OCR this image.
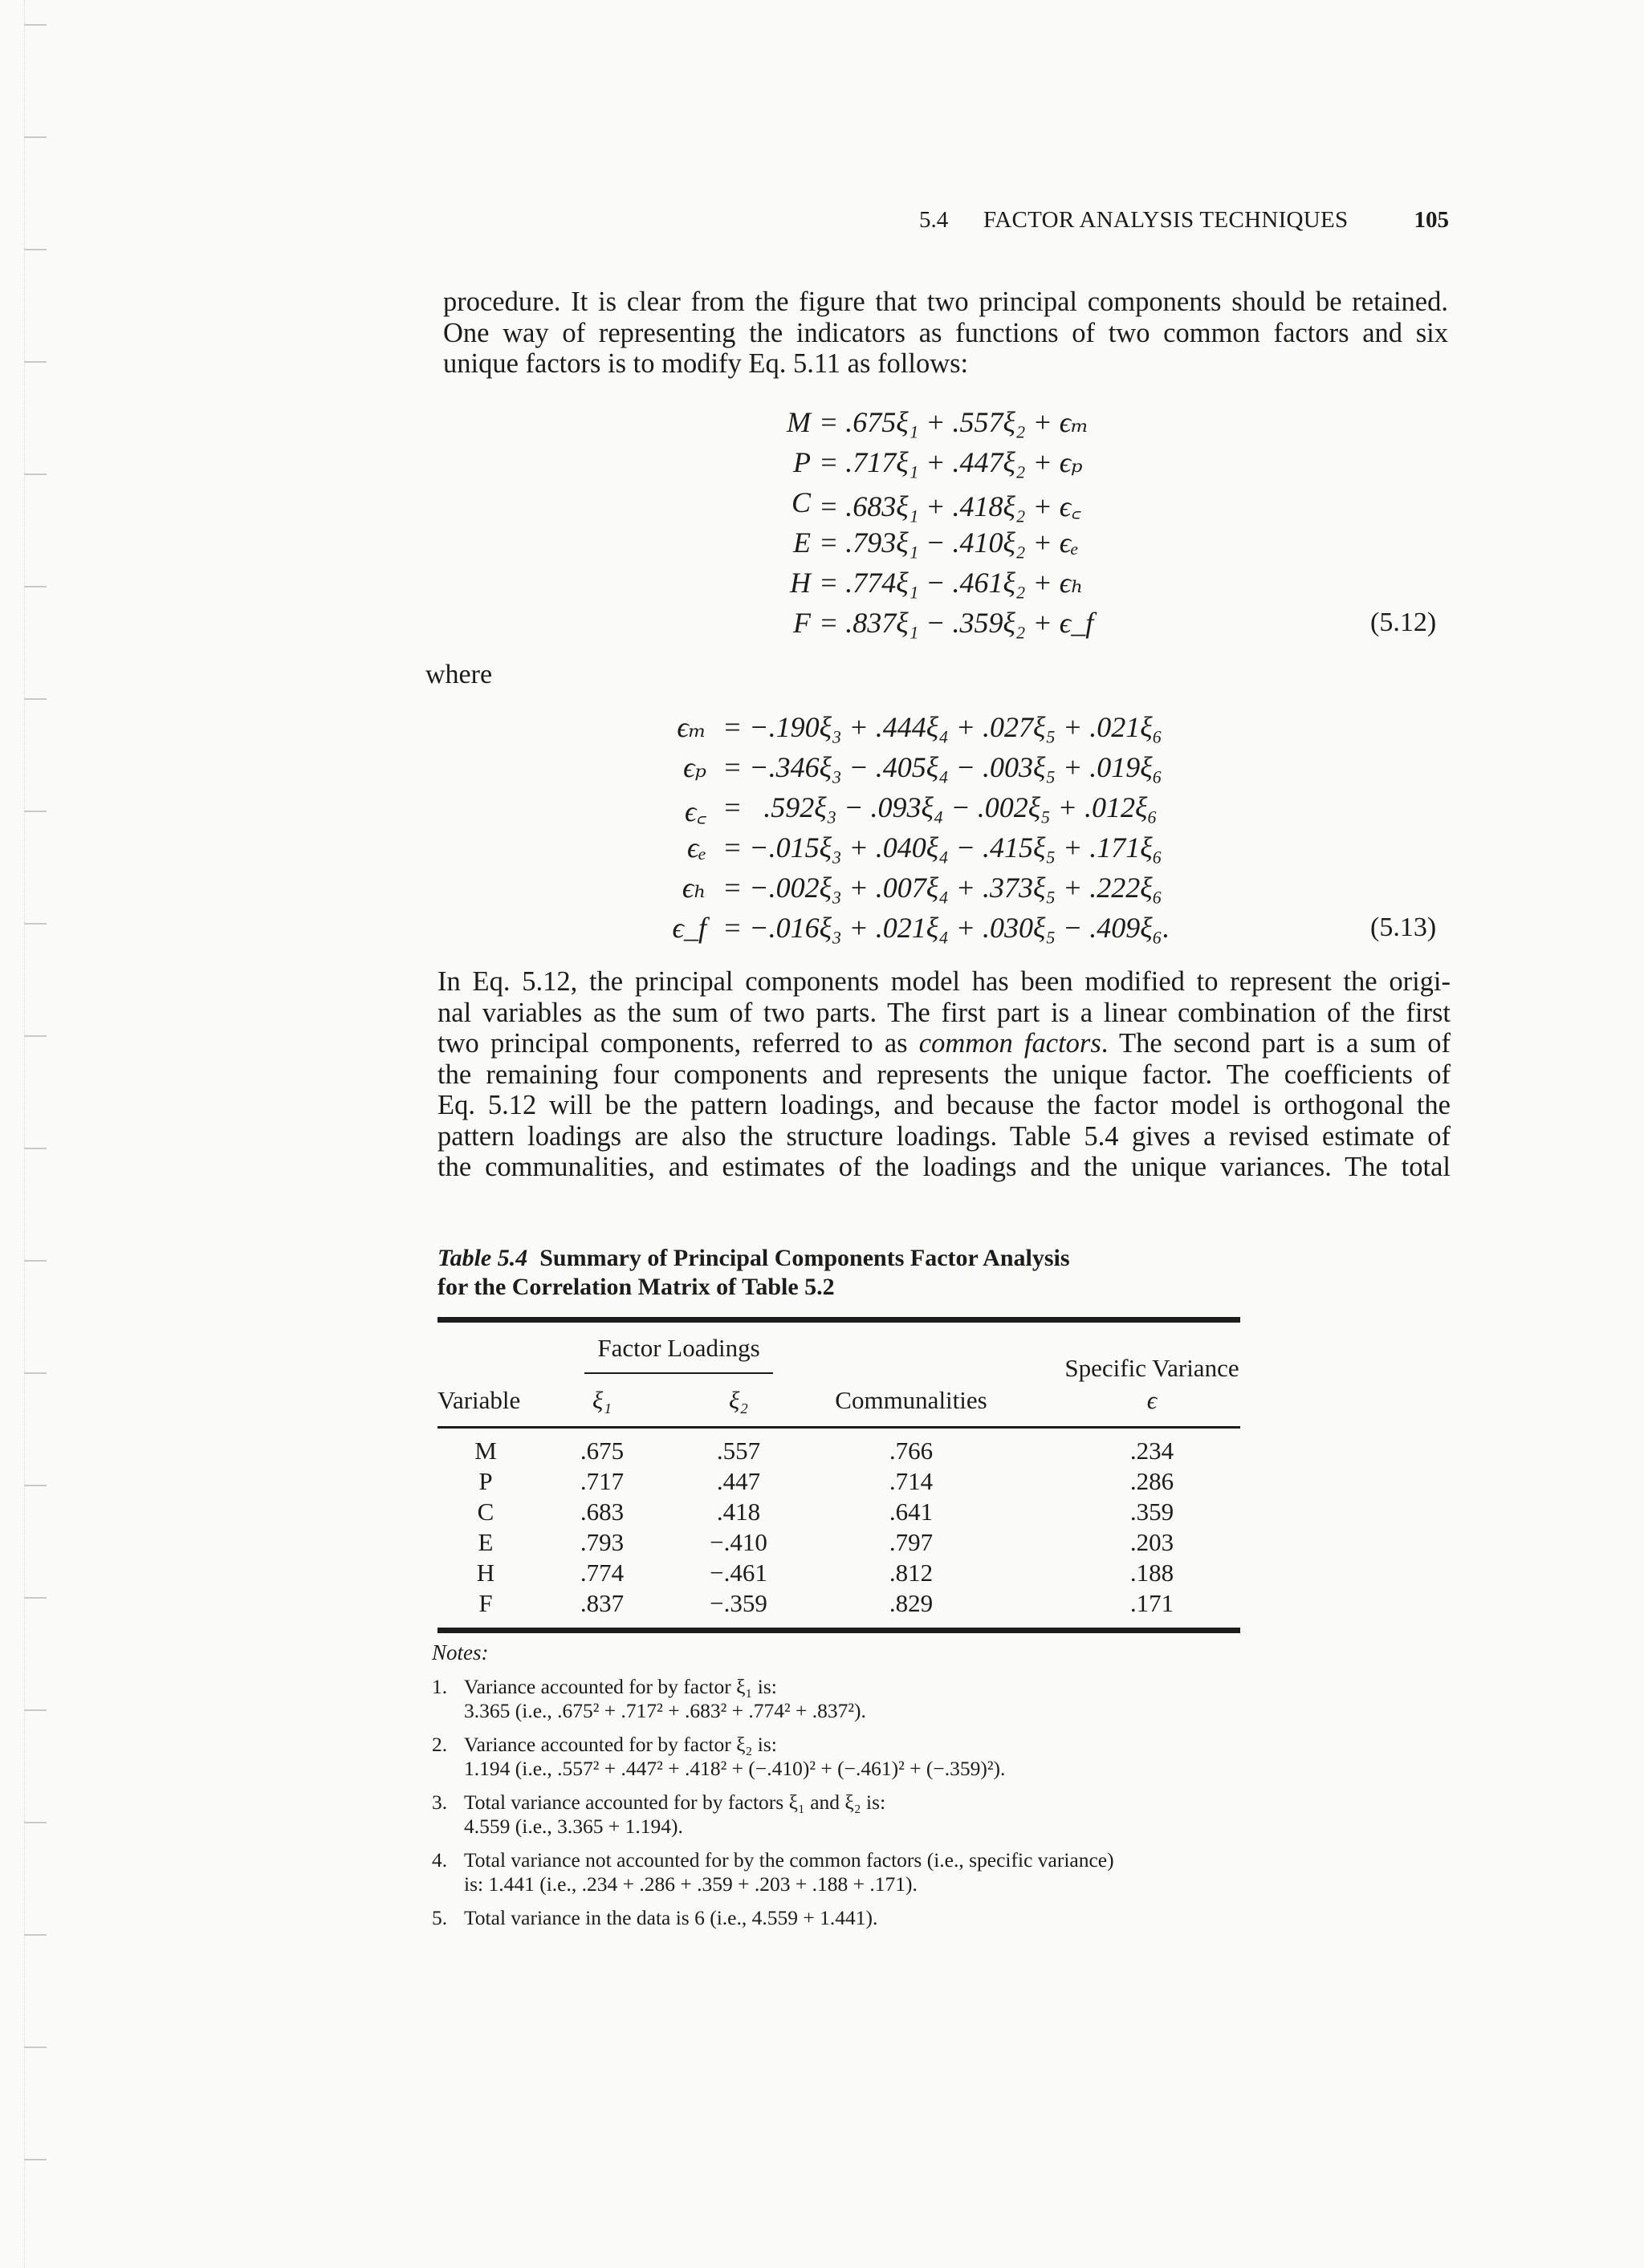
5.4 FACTOR ANALYSIS TECHNIQUES	105
procedure. It is clear from the figure that two principal components should be retained.
One way of representing the indicators as functions of two common factors and six
unique factors is to modify Eq. 5.11 as follows:
M = .675ξ₁ + .557ξ₂ + ϵₘ
P = .717ξ₁ + .447ξ₂ + ϵₚ
C = .683ξ₁ + .418ξ₂ + ϵ꜀
E = .793ξ₁ − .410ξ₂ + ϵₑ
H = .774ξ₁ − .461ξ₂ + ϵₕ
F = .837ξ₁ − .359ξ₂ + ϵ_f	(5.12)
where
ϵₘ = −.190ξ₃ + .444ξ₄ + .027ξ₅ + .021ξ₆
ϵₚ = −.346ξ₃ − .405ξ₄ − .003ξ₅ + .019ξ₆
ϵ꜀ =   .592ξ₃ − .093ξ₄ − .002ξ₅ + .012ξ₆
ϵₑ = −.015ξ₃ + .040ξ₄ − .415ξ₅ + .171ξ₆
ϵₕ = −.002ξ₃ + .007ξ₄ + .373ξ₅ + .222ξ₆
ϵ_f = −.016ξ₃ + .021ξ₄ + .030ξ₅ − .409ξ₆.	(5.13)
In Eq. 5.12, the principal components model has been modified to represent the origi-
nal variables as the sum of two parts. The first part is a linear combination of the first
two principal components, referred to as common factors. The second part is a sum of
the remaining four components and represents the unique factor. The coefficients of
Eq. 5.12 will be the pattern loadings, and because the factor model is orthogonal the
pattern loadings are also the structure loadings. Table 5.4 gives a revised estimate of
the communalities, and estimates of the loadings and the unique variances. The total
Table 5.4 Summary of Principal Components Factor Analysis
for the Correlation Matrix of Table 5.2
Factor Loadings
Specific Variance
Variable	ξ₁	ξ₂	Communalities	ϵ
M	.675	.557	.766	.234
P	.717	.447	.714	.286
C	.683	.418	.641	.359
E	.793	−.410	.797	.203
H	.774	−.461	.812	.188
F	.837	−.359	.829	.171
Notes:
1. Variance accounted for by factor ξ₁ is:
3.365 (i.e., .675² + .717² + .683² + .774² + .837²).
2. Variance accounted for by factor ξ₂ is:
1.194 (i.e., .557² + .447² + .418² + (−.410)² + (−.461)² + (−.359)²).
3. Total variance accounted for by factors ξ₁ and ξ₂ is:
4.559 (i.e., 3.365 + 1.194).
4. Total variance not accounted for by the common factors (i.e., specific variance)
is: 1.441 (i.e., .234 + .286 + .359 + .203 + .188 + .171).
5. Total variance in the data is 6 (i.e., 4.559 + 1.441).
